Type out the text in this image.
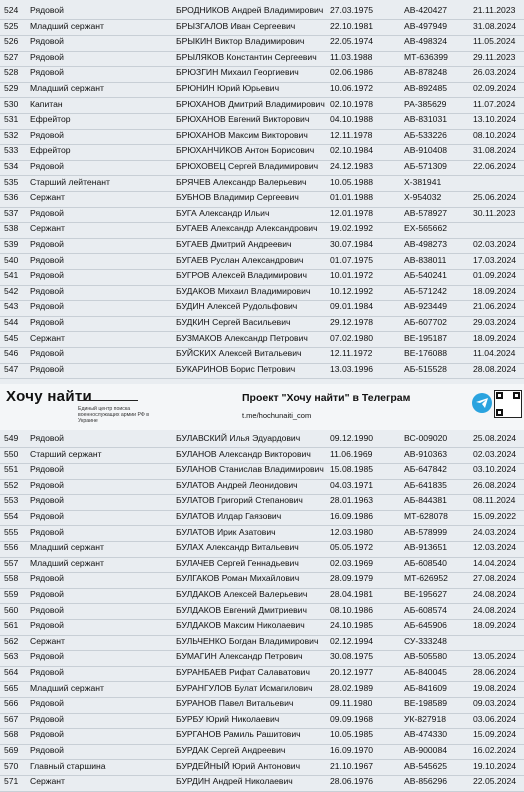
524	Рядовой	БРОДНИКОВ Андрей Владимирович 27.03.1975	АВ-420427	21.11.2023
525	Младший сержант	БРЫЗГАЛОВ Иван Сергеевич	22.10.1981	АВ-497949	31.08.2024
526	Рядовой	БРЫКИН Виктор Владимирович	22.05.1974	АВ-498324	11.05.2024
527	Рядовой	БРЫЛЯКОВ Константин Сергеевич	11.03.1988	МТ-636399	29.11.2023
528	Рядовой	БРЮЗГИН Михаил Георгиевич	02.06.1986	АВ-878248	26.03.2024
529	Младший сержант	БРЮНИН Юрий Юрьевич	10.06.1972	АВ-892485	02.09.2024
530	Капитан	БРЮХАНОВ Дмитрий Владимирович 02.10.1978	РА-385629	11.07.2024
531	Ефрейтор	БРЮХАНОВ Евгений Викторович	04.10.1988	АВ-831031	13.10.2024
532	Рядовой	БРЮХАНОВ Максим Викторович	12.11.1978	АБ-533226	08.10.2024
533	Ефрейтор	БРЮХАНЧИКОВ Антон Борисович	02.10.1984	АВ-910408	31.08.2024
534	Рядовой	БРЮХОВЕЦ Сергей Владимирович	24.12.1983	АБ-571309	22.06.2024
535	Старший лейтенант	БРЯЧЕВ Александр Валерьевич	10.05.1988	Х-381941
536	Сержант	БУБНОВ Владимир Сергеевич	01.01.1988	Х-954032	25.06.2024
537	Рядовой	БУГА Александр Ильич	12.01.1978	АВ-578927	30.11.2023
538	Сержант	БУГАЕВ Александр Александрович	19.02.1992	ЕХ-565662
539	Рядовой	БУГАЕВ Дмитрий Андреевич	30.07.1984	АВ-498273	02.03.2024
540	Рядовой	БУГАЕВ Руслан Александрович	01.07.1975	АВ-838011	17.03.2024
541	Рядовой	БУГРОВ Алексей Владимирович	10.01.1972	АБ-540241	01.09.2024
542	Рядовой	БУДАКОВ Михаил Владимирович	10.12.1992	АБ-571242	18.09.2024
543	Рядовой	БУДИН Алексей Рудольфович	09.01.1984	АВ-923449	21.06.2024
544	Рядовой	БУДКИН Сергей Васильевич	29.12.1978	АБ-607702	29.03.2024
545	Сержант	БУЗМАКОВ Александр Петрович	07.02.1980	ВЕ-195187	18.09.2024
546	Рядовой	БУЙСКИХ Алексей Витальевич	12.11.1972	ВЕ-176088	11.04.2024
547	Рядовой	БУКАРИНОВ Борис Петрович	13.03.1996	АБ-515528	28.08.2024
Хочу найти
Единый центр поиска военнослужащих армии РФ в Украине
Проект "Хочу найти" в Телеграм
t.me/hochunaiti_com
549	Рядовой	БУЛАВСКИЙ Илья Эдуардович	09.12.1990	ВС-009020	25.08.2024
550	Старший сержант	БУЛАНОВ Александр Викторович	11.06.1969	АВ-910363	02.03.2024
551	Рядовой	БУЛАНОВ Станислав Владимирович 15.08.1985	АБ-647842	03.10.2024
552	Рядовой	БУЛАТОВ Андрей Леонидович	04.03.1971	АБ-641835	26.08.2024
553	Рядовой	БУЛАТОВ Григорий Степанович	28.01.1963	АБ-844381	08.11.2024
554	Рядовой	БУЛАТОВ Илдар Гаязович	16.09.1986	МТ-628078	15.09.2022
555	Рядовой	БУЛАТОВ Ирик Азатович	12.03.1980	АВ-578999	24.03.2024
556	Младший сержант	БУЛАХ Александр Витальевич	05.05.1972	АВ-913651	12.03.2024
557	Младший сержант	БУЛАЧЕВ Сергей Геннадьевич	02.03.1969	АБ-608540	14.04.2024
558	Рядовой	БУЛГАКОВ Роман Михайлович	28.09.1979	МТ-626952	27.08.2024
559	Рядовой	БУЛДАКОВ Алексей Валерьевич	28.04.1981	ВЕ-195627	24.08.2024
560	Рядовой	БУЛДАКОВ Евгений Дмитриевич	08.10.1986	АБ-608574	24.08.2024
561	Рядовой	БУЛДАКОВ Максим Николаевич	24.10.1985	АБ-645906	18.09.2024
562	Сержант	БУЛЬЧЕНКО Богдан Владимирович	02.12.1994	СУ-333248
563	Рядовой	БУМАГИН Александр Петрович	30.08.1975	АВ-505580	13.05.2024
564	Рядовой	БУРАНБАЕВ Рифат Салаватович	20.12.1977	АБ-840045	28.06.2024
565	Младший сержант	БУРАНГУЛОВ Булат Исмагилович	28.02.1989	АБ-841609	19.08.2024
566	Рядовой	БУРАНОВ Павел Витальевич	09.11.1980	ВЕ-198589	09.03.2024
567	Рядовой	БУРБУ Юрий Николаевич	09.09.1968	УК-827918	03.06.2024
568	Рядовой	БУРГАНОВ Рамиль Рашитович	10.05.1985	АВ-474330	15.09.2024
569	Рядовой	БУРДАК Сергей Андреевич	16.09.1970	АВ-900084	16.02.2024
570	Главный старшина	БУРДЕЙНЫЙ Юрий Антонович	21.10.1967	АВ-545625	19.10.2024
571	Сержант	БУРДИН Андрей Николаевич	28.06.1976	АВ-856296	22.05.2024
